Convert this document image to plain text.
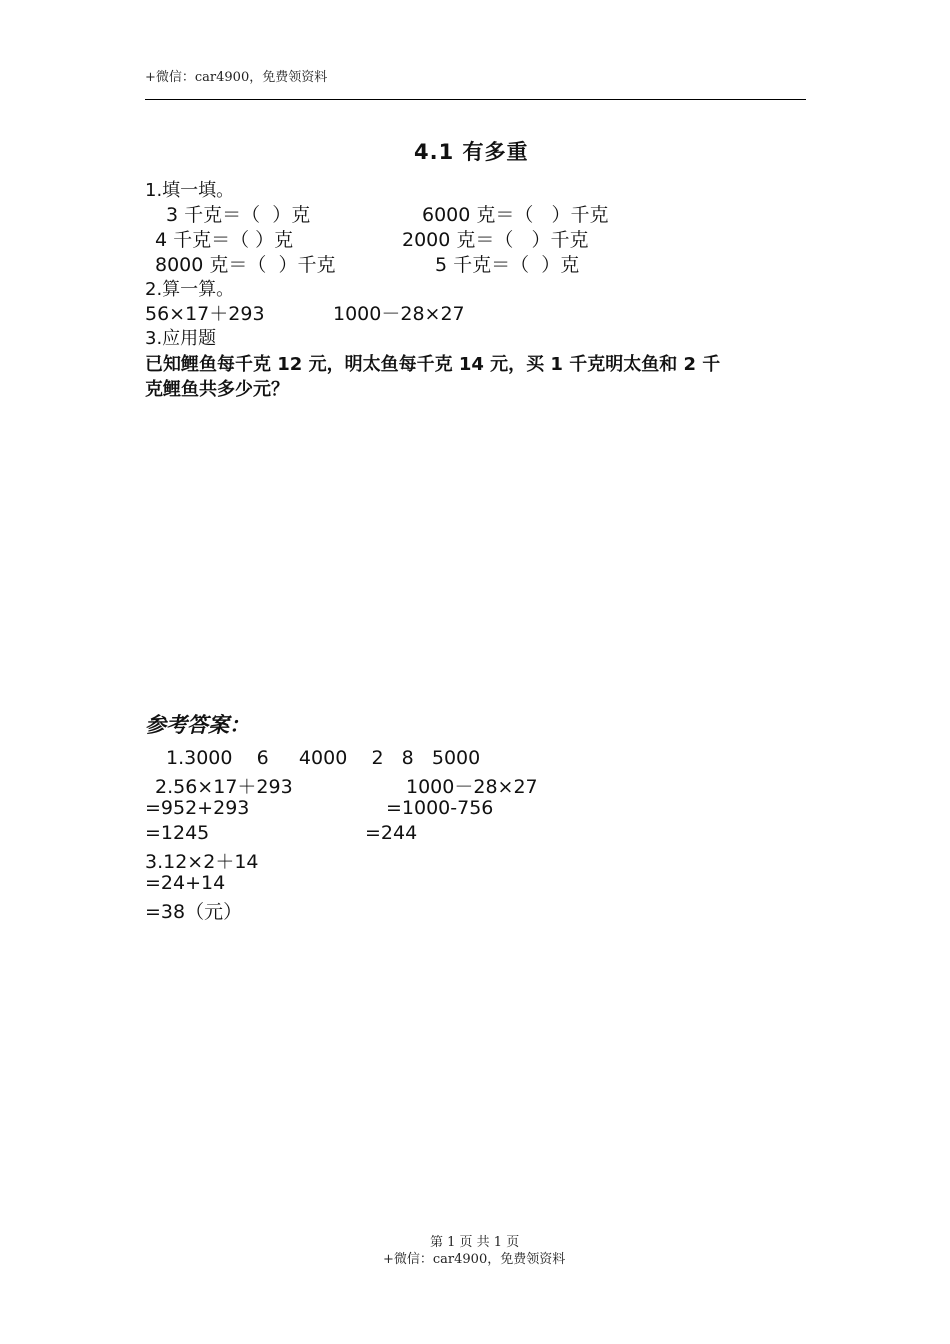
+微信：car4900，免费领资料
4.1 有多重
1.填一填。
3 千克＝（  ）克	6000 克＝（   ）千克
4 千克＝（ ）克	2000 克＝（   ）千克
8000 克＝（  ）千克	5 千克＝（  ）克
2.算一算。
56×17＋293	1000－28×27
3.应用题
已知鲤鱼每千克 12 元，明太鱼每千克 14 元，买 1 千克明太鱼和 2 千
克鲤鱼共多少元？
参考答案：
1.3000    6     4000    2   8   5000
2.56×17＋293	1000－28×27
=952+293	=1000-756
=1245	=244
3.12×2＋14
=24+14
=38（元）
第 1 页 共 1 页
+微信：car4900，免费领资料
